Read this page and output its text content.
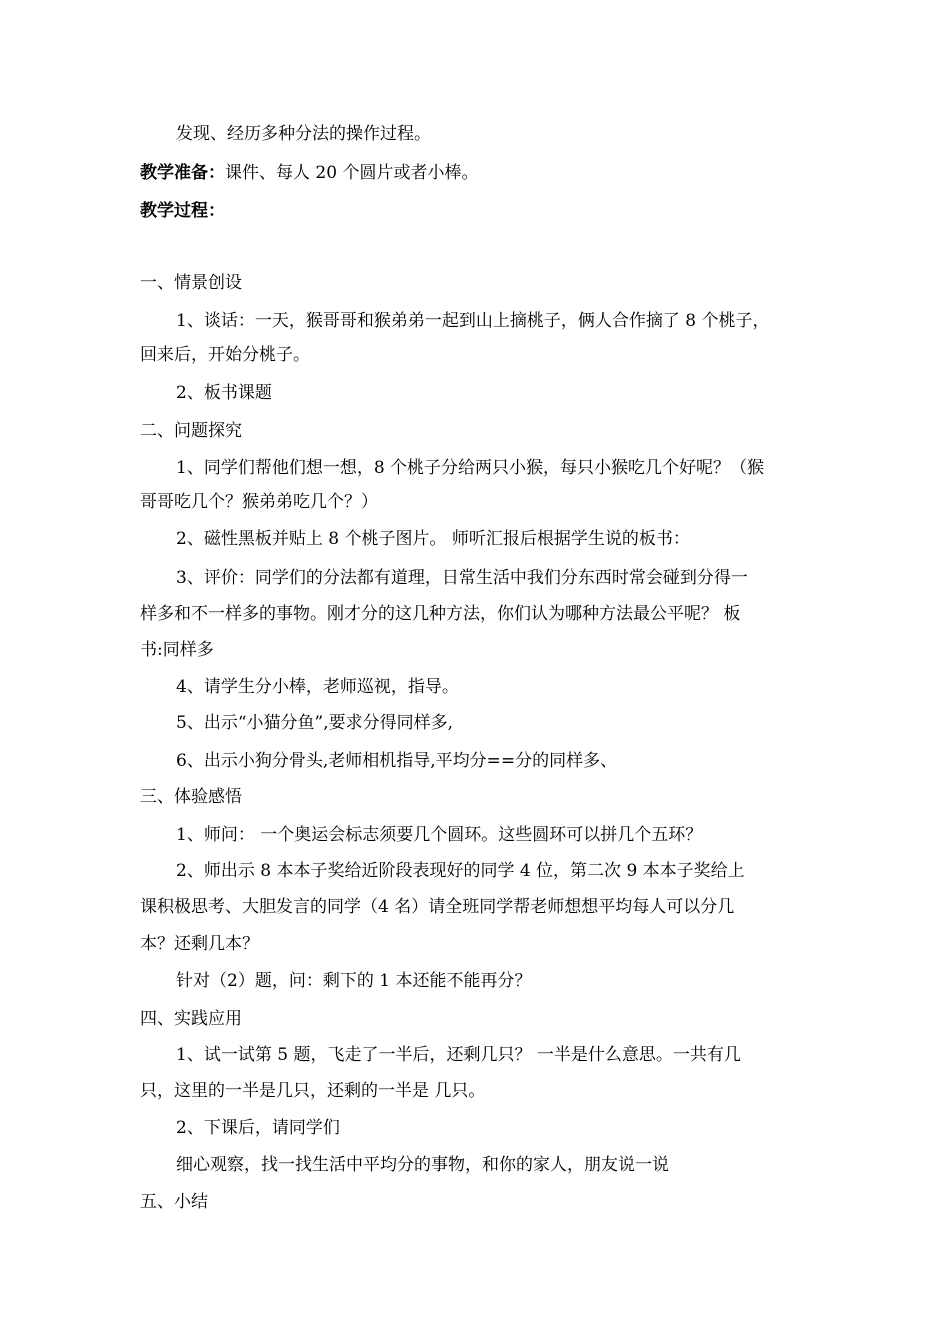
发现、经历多种分法的操作过程。
教学准备：课件、每人 20 个圆片或者小棒。
教学过程：
一、情景创设
1、谈话：一天，猴哥哥和猴弟弟一起到山上摘桃子，俩人合作摘了 8 个桃子，
回来后，开始分桃子。
2、板书课题
二、问题探究
1、同学们帮他们想一想，8 个桃子分给两只小猴，每只小猴吃几个好呢？（猴
哥哥吃几个？猴弟弟吃几个？）
2、磁性黑板并贴上 8 个桃子图片。 师听汇报后根据学生说的板书：
3、评价：同学们的分法都有道理，日常生活中我们分东西时常会碰到分得一
样多和不一样多的事物。刚才分的这几种方法，你们认为哪种方法最公平呢？ 板
书:同样多
4、请学生分小棒，老师巡视，指导。
5、出示“小猫分鱼”,要求分得同样多,
6、出示小狗分骨头,老师相机指导,平均分==分的同样多、
三、体验感悟
1、师问： 一个奥运会标志须要几个圆环。这些圆环可以拼几个五环？
2、师出示 8 本本子奖给近阶段表现好的同学 4 位，第二次 9 本本子奖给上
课积极思考、大胆发言的同学（4 名）请全班同学帮老师想想平均每人可以分几
本？还剩几本？
针对（2）题，问：剩下的 1 本还能不能再分？
四、实践应用
1、试一试第 5 题，飞走了一半后，还剩几只？ 一半是什么意思。一共有几
只，这里的一半是几只，还剩的一半是 几只。
2、下课后，请同学们
细心观察，找一找生活中平均分的事物，和你的家人，朋友说一说
五、小结
